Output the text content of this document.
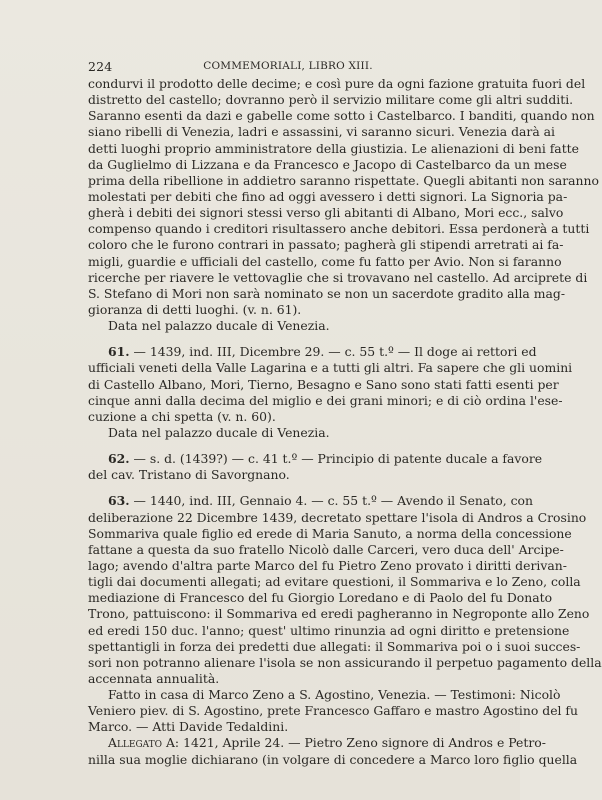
224	COMMEMORIALI, LIBRO XIII.
condurvi il prodotto delle decime; e così pure da ogni fazione gratuita fuori del
distretto del castello; dovranno però il servizio militare come gli altri sudditi.
Saranno esenti da dazi e gabelle come sotto i Castelbarco. I banditi, quando non
siano ribelli di Venezia, ladri e assassini, vi saranno sicuri. Venezia darà ai
detti luoghi proprio amministratore della giustizia. Le alienazioni di beni fatte
da Guglielmo di Lizzana e da Francesco e Jacopo di Castelbarco da un mese
prima della ribellione in addietro saranno rispettate. Quegli abitanti non saranno
molestati per debiti che fino ad oggi avessero i detti signori. La Signoria pa-
gherà i debiti dei signori stessi verso gli abitanti di Albano, Mori ecc., salvo
compenso quando i creditori risultassero anche debitori. Essa perdonerà a tutti
coloro che le furono contrari in passato; pagherà gli stipendi arretrati ai fa-
migli, guardie e ufficiali del castello, come fu fatto per Avio. Non si faranno
ricerche per riavere le vettovaglie che si trovavano nel castello. Ad arciprete di
S. Stefano di Mori non sarà nominato se non un sacerdote gradito alla mag-
gioranza di detti luoghi. (v. n. 61).
Data nel palazzo ducale di Venezia.
61. — 1439, ind. III, Dicembre 29. — c. 55 t.º — Il doge ai rettori ed
ufficiali veneti della Valle Lagarina e a tutti gli altri. Fa sapere che gli uomini
di Castello Albano, Mori, Tierno, Besagno e Sano sono stati fatti esenti per
cinque anni dalla decima del miglio e dei grani minori; e di ciò ordina l'ese-
cuzione a chi spetta (v. n. 60).
Data nel palazzo ducale di Venezia.
62. — s. d. (1439?) — c. 41 t.º — Principio di patente ducale a favore
del cav. Tristano di Savorgnano.
63. — 1440, ind. III, Gennaio 4. — c. 55 t.º — Avendo il Senato, con
deliberazione 22 Dicembre 1439, decretato spettare l'isola di Andros a Crosino
Sommariva quale figlio ed erede di Maria Sanuto, a norma della concessione
fattane a questa da suo fratello Nicolò dalle Carceri, vero duca dell' Arcipe-
lago; avendo d'altra parte Marco del fu Pietro Zeno provato i diritti derivan-
tigli dai documenti allegati; ad evitare questioni, il Sommariva e lo Zeno, colla
mediazione di Francesco del fu Giorgio Loredano e di Paolo del fu Donato
Trono, pattuiscono: il Sommariva ed eredi pagheranno in Negroponte allo Zeno
ed eredi 150 duc. l'anno; quest' ultimo rinunzia ad ogni diritto e pretensione
spettantigli in forza dei predetti due allegati: il Sommariva poi o i suoi succes-
sori non potranno alienare l'isola se non assicurando il perpetuo pagamento della
accennata annualità.
Fatto in casa di Marco Zeno a S. Agostino, Venezia. — Testimoni: Nicolò
Veniero piev. di S. Agostino, prete Francesco Gaffaro e mastro Agostino del fu
Marco. — Atti Davide Tedaldini.
Allegato A: 1421, Aprile 24. — Pietro Zeno signore di Andros e Petro-
nilla sua moglie dichiarano (in volgare di concedere a Marco loro figlio quella
